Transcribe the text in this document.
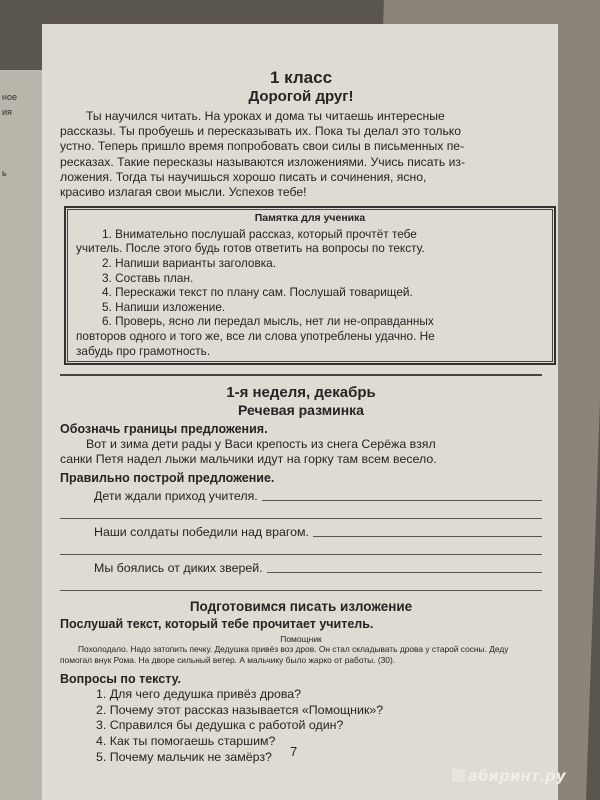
ное
ия
ь
1 класс
Дорогой друг!
Ты научился читать. На уроках и дома ты читаешь интересные
рассказы. Ты пробуешь и пересказывать их. Пока ты делал это только
устно. Теперь пришло время попробовать свои силы в письменных пе-
ресказах. Такие пересказы называются изложениями. Учись писать из-
ложения. Тогда ты научишься хорошо писать и сочинения, ясно,
красиво излагая свои мысли. Успехов тебе!
Памятка для ученика
1. Внимательно послушай рассказ, который прочтёт тебе
учитель. После этого будь готов ответить на вопросы по тексту.
2. Напиши варианты заголовка.
3. Составь план.
4. Перескажи текст по плану сам. Послушай товарищей.
5. Напиши изложение.
6. Проверь, ясно ли передал мысль, нет ли не-оправданных
повторов одного и того же, все ли слова употреблены удачно. Не
забудь про грамотность.
1-я неделя, декабрь
Речевая разминка
Обозначь границы предложения.
Вот и зима дети рады у Васи крепость из снега Серёжа взял
санки Петя надел лыжи мальчики идут на горку там всем весело.
Правильно построй предложение.
Дети ждали приход учителя.
Наши солдаты победили над врагом.
Мы боялись от диких зверей.
Подготовимся писать изложение
Послушай текст, который тебе прочитает учитель.
Помощник
Похолодало. Надо затопить печку. Дедушка привёз воз дров. Он стал складывать дрова у старой сосны. Деду
помогал внук Рома. На дворе сильный ветер. А мальчику было жарко от работы. (30).
Вопросы по тексту.
1. Для чего дедушка привёз дрова?
2. Почему этот рассказ называется «Помощник»?
3. Справился бы дедушка с работой один?
4. Как ты помогаешь старшим?
5. Почему мальчик не замёрз?	7
абиринт.ру
